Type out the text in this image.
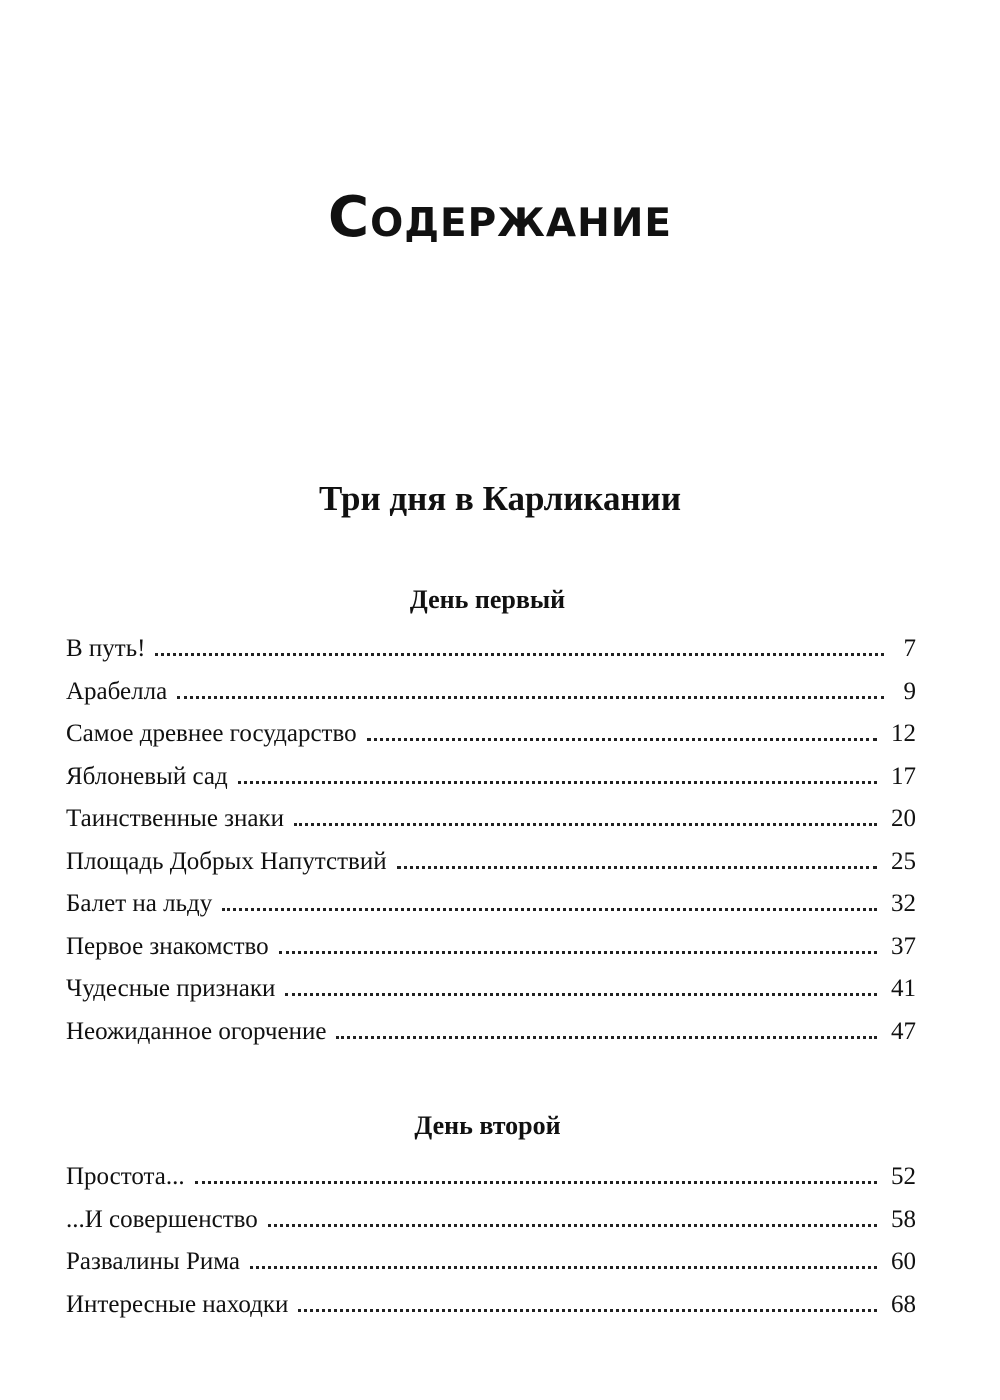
Содержание
Три дня в Карликании
День первый
В путь!	7
Арабелла	9
Самое древнее государство	12
Яблоневый сад	17
Таинственные знаки	20
Площадь Добрых Напутствий	25
Балет на льду	32
Первое знакомство	37
Чудесные признаки	41
Неожиданное огорчение	47
День второй
Простота...	52
...И совершенство	58
Развалины Рима	60
Интересные находки	68
